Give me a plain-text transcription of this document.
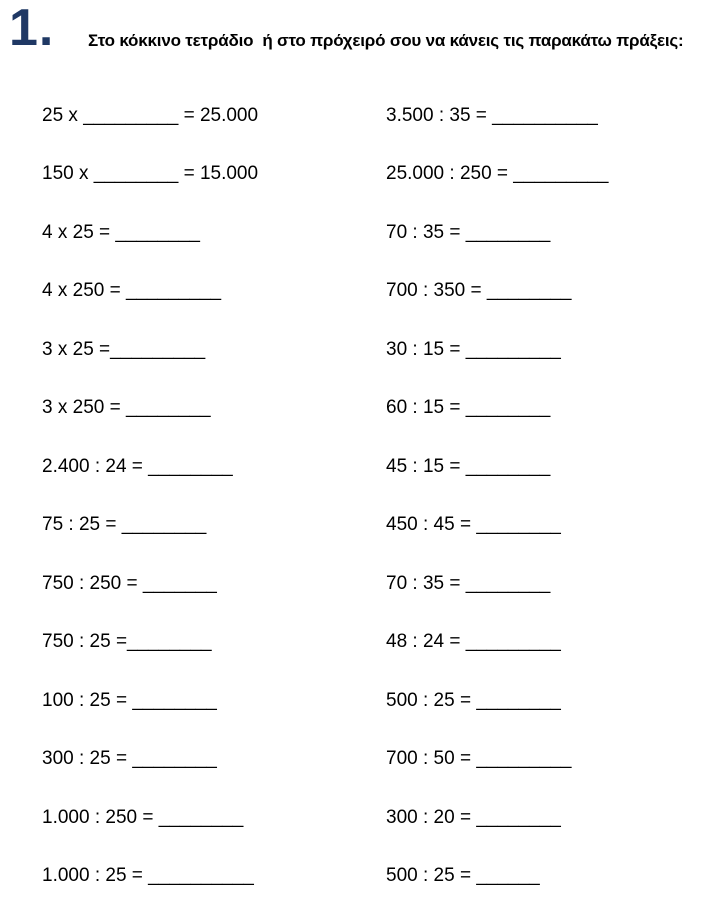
1. Στο κόκκινο τετράδιο  ή στο πρόχειρό σου να κάνεις τις παρακάτω πράξεις:
25 x _________ = 25.000
150 x ________ = 15.000
4 x 25 = ________
4 x 250 = _________
3 x 25 =_________
3 x 250 = ________
2.400 : 24 = ________
75 : 25 = ________
750 : 250 = _______
750 : 25 =________
100 : 25 = ________
300 : 25 = ________
1.000 : 250 = ________
1.000 : 25 = __________
3.500 : 35 = __________
25.000 : 250 = _________
70 : 35 = ________
700 : 350 = ________
30 : 15 = _________
60 : 15 = ________
45 : 15 = ________
450 : 45 = ________
70 : 35 = ________
48 : 24 = _________
500 : 25 = ________
700 : 50 = _________
300 : 20 = ________
500 : 25 = ______
